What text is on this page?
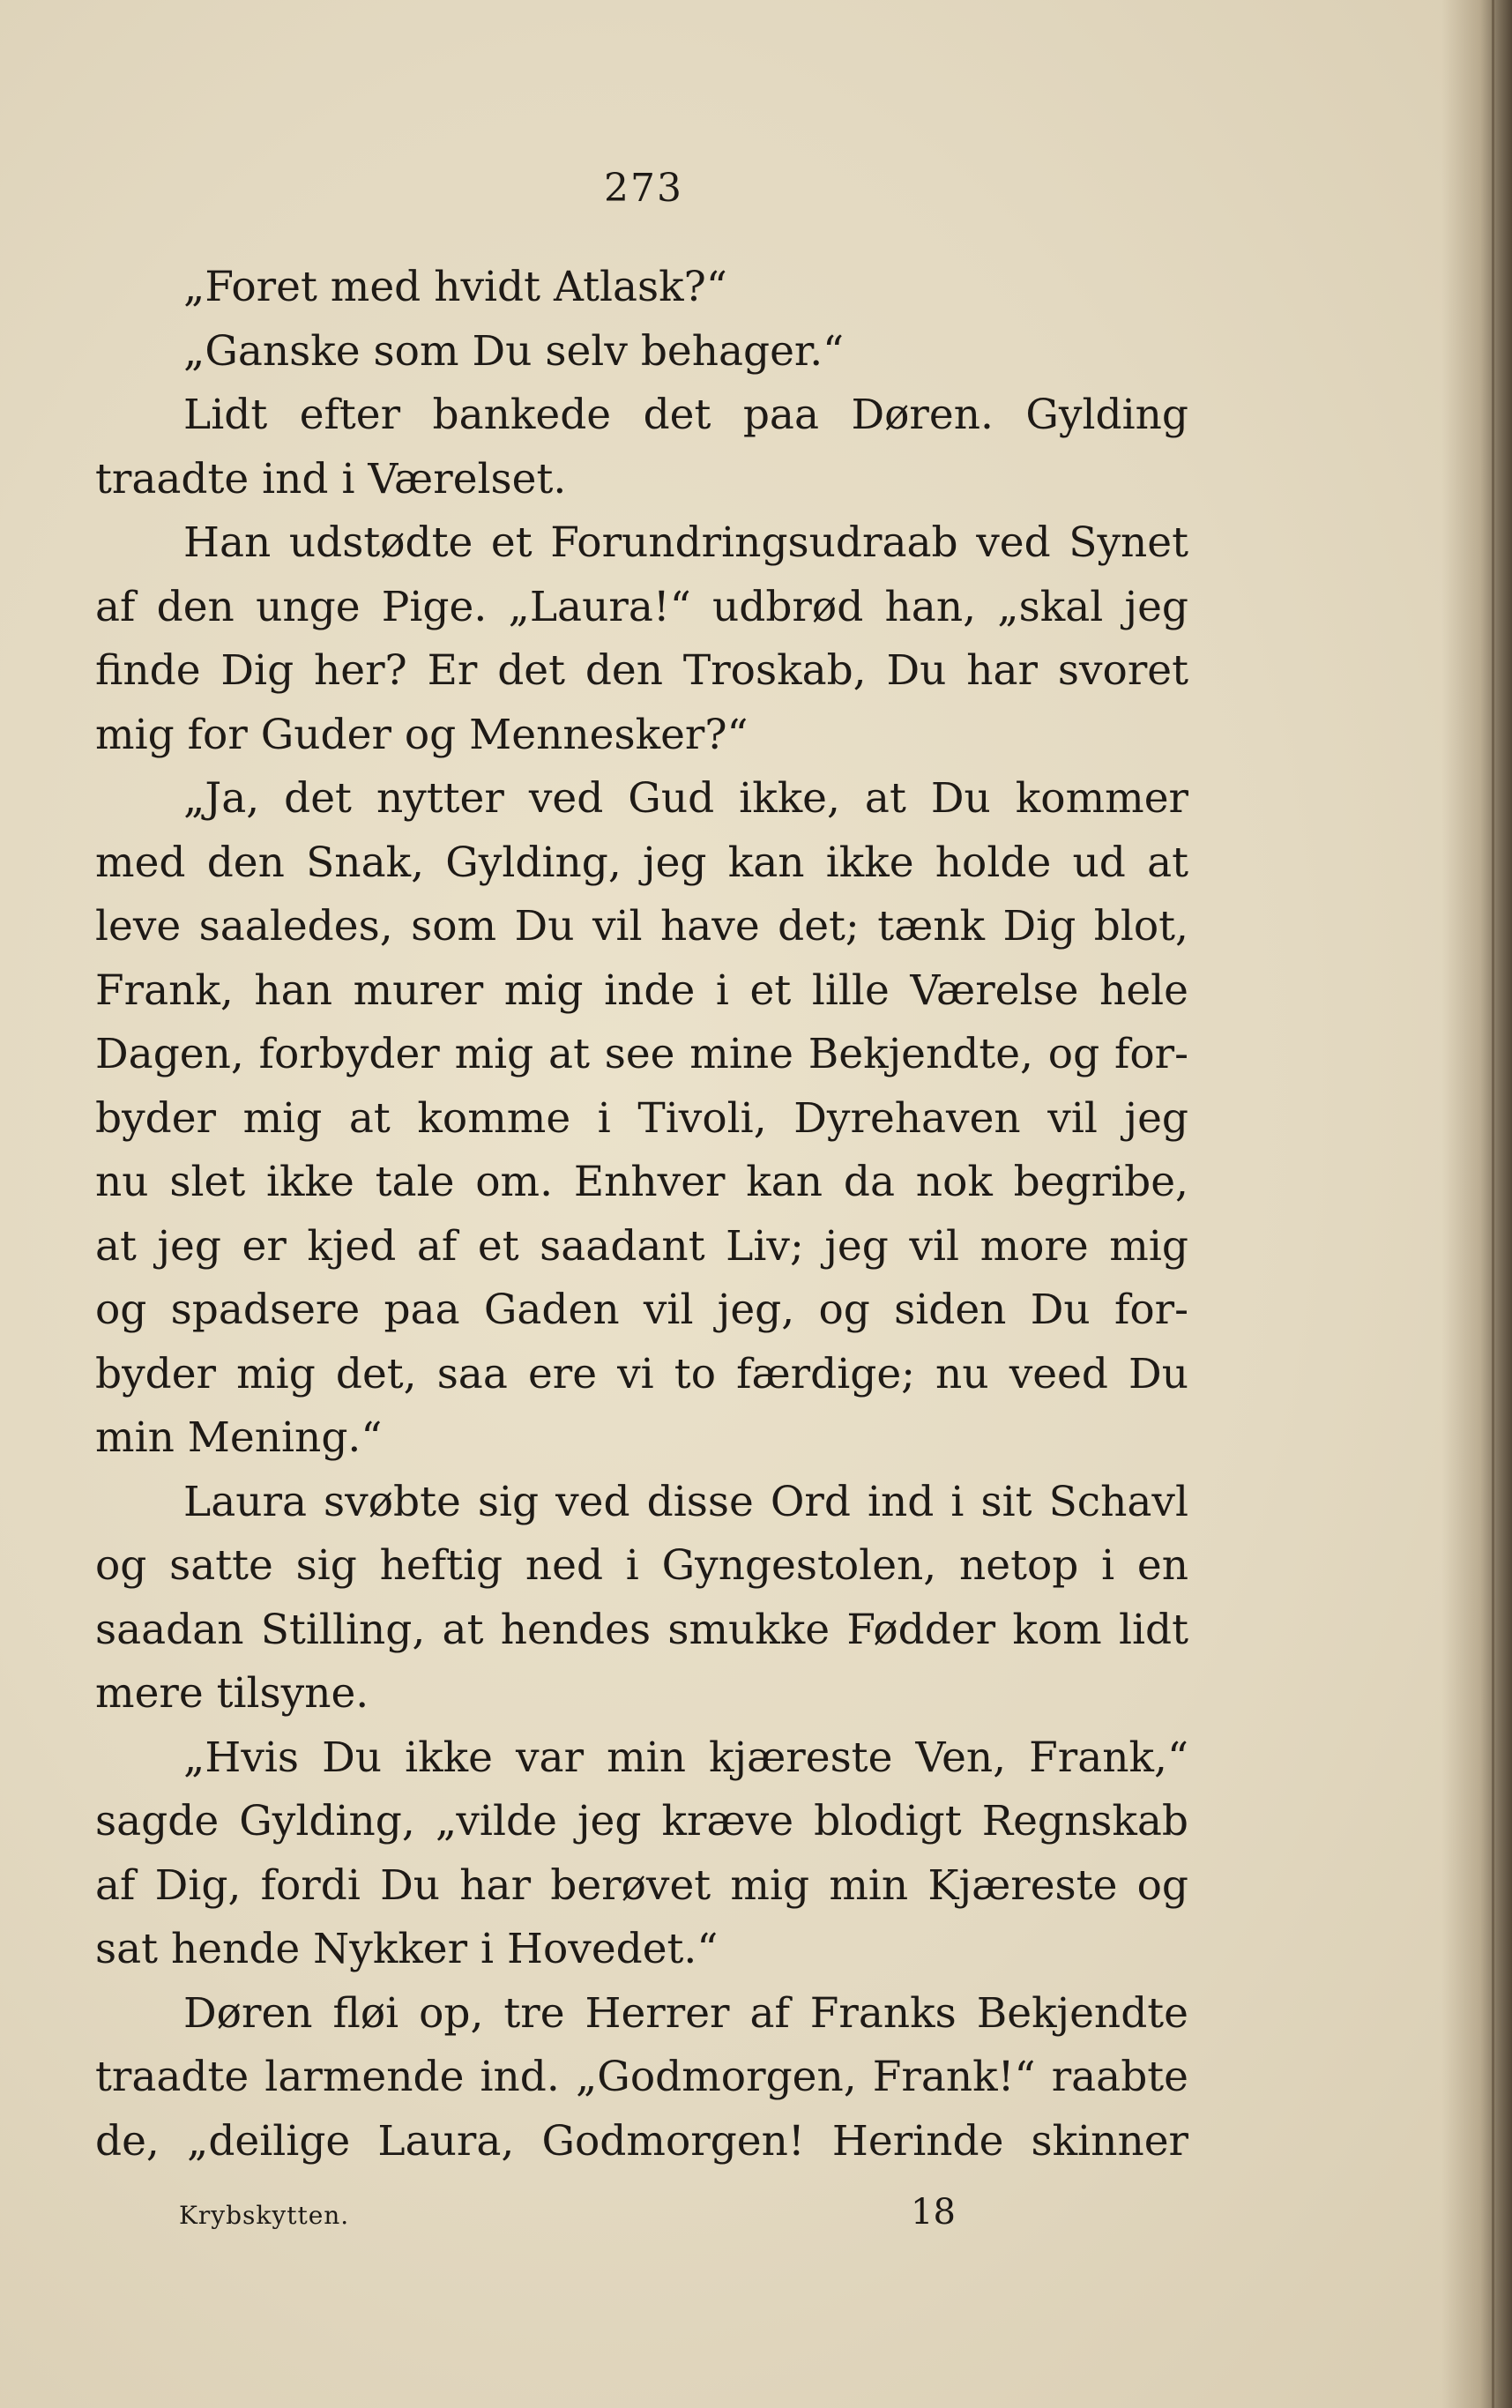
273
„Foret med hvidt Atlask?“
„Ganske som Du selv behager.“
Lidt efter bankede det paa Døren. Gylding
traadte ind i Værelset.
Han udstødte et Forundringsudraab ved Synet
af den unge Pige. „Laura!“ udbrød han, „skal jeg
finde Dig her? Er det den Troskab, Du har svoret
mig for Guder og Mennesker?“
„Ja, det nytter ved Gud ikke, at Du kommer
med den Snak, Gylding, jeg kan ikke holde ud at
leve saaledes, som Du vil have det; tænk Dig blot,
Frank, han murer mig inde i et lille Værelse hele
Dagen, forbyder mig at see mine Bekjendte, og for-
byder mig at komme i Tivoli, Dyrehaven vil jeg
nu slet ikke tale om. Enhver kan da nok begribe,
at jeg er kjed af et saadant Liv; jeg vil more mig
og spadsere paa Gaden vil jeg, og siden Du for-
byder mig det, saa ere vi to færdige; nu veed Du
min Mening.“
Laura svøbte sig ved disse Ord ind i sit Schavl
og satte sig heftig ned i Gyngestolen, netop i en
saadan Stilling, at hendes smukke Fødder kom lidt
mere tilsyne.
„Hvis Du ikke var min kjæreste Ven, Frank,“
sagde Gylding, „vilde jeg kræve blodigt Regnskab
af Dig, fordi Du har berøvet mig min Kjæreste og
sat hende Nykker i Hovedet.“
Døren fløi op, tre Herrer af Franks Bekjendte
traadte larmende ind. „Godmorgen, Frank!“ raabte
de, „deilige Laura, Godmorgen! Herinde skinner
Krybskytten.	18
